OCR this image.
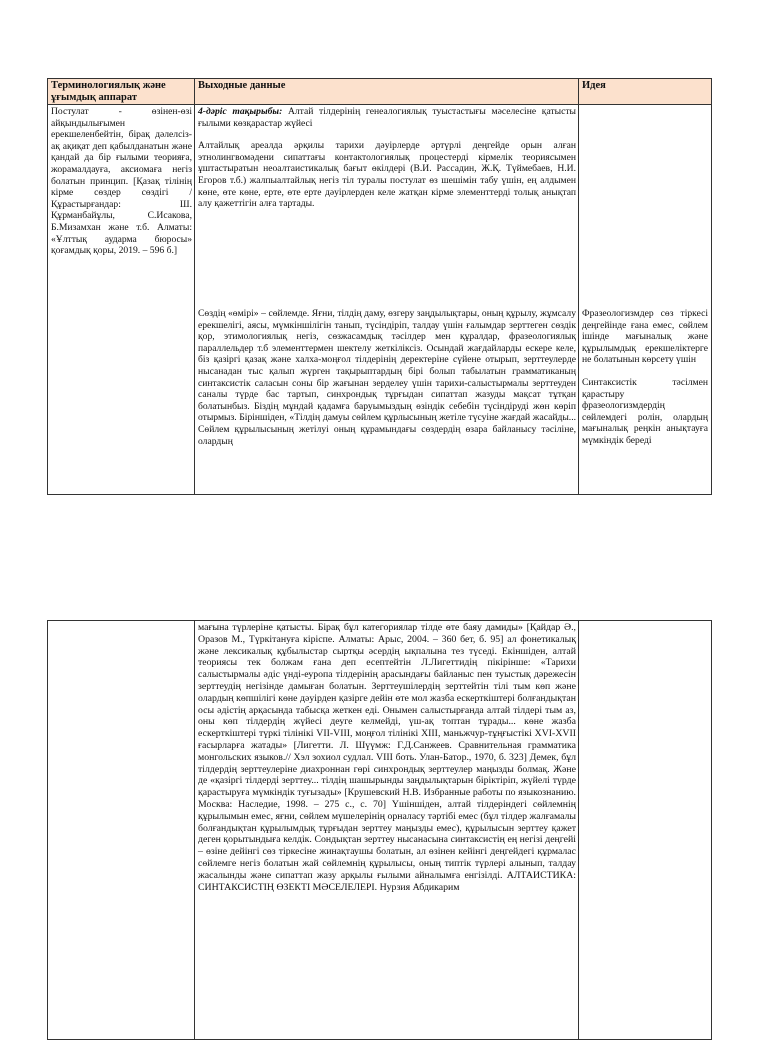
Терминологиялық және ұғымдық аппарат
Выходные данные	Идея
Постулат - өзінен-өзі айқындылығымен ерекшеленбейтін, бірақ дәлелсіз-ақ ақиқат деп қабылданатын және қандай да бір ғылыми теорияға, жорамалдауға, аксиомаға негіз болатын принцип. [Қазақ тілінің кірме сөздер сөздігі / Құрастырғандар: Ш. Құрманбайұлы, С.Исакова, Б.Мизамхан және т.б. Алматы: «Ұлттық аударма бюросы» қоғамдық қоры, 2019. – 596 б.]

4-дәріс тақырыбы: Алтай тілдерінің генеалогиялық туыстастығы мәселесіне қатысты ғылыми көзқарастар жүйесі

Алтайлық ареалда әрқилы тарихи дәуірлерде әртүрлі деңгейде орын алған этнолингвомәдени сипаттағы контактологиялық процестерді кірмелік теориясымен ұштастыратын неоалтаистикалық бағыт өкілдері (В.И. Рассадин, Ж.Қ. Түймебаев, Н.И. Егоров т.б.) жалпыалтайлық негіз тіл туралы постулат өз шешімін табу үшін, ең алдымен көне, өте көне, ерте, өте ерте дәуірлерден келе жатқан кірме элементтерді толық анықтап алу қажеттігін алға тартады.

Сөздің «өмірі» – сөйлемде. Яғни, тілдің даму, өзгеру заңдылықтары, оның құрылу, жұмсалу ерекшелігі, аясы, мүмкіншілігін танып, түсіндіріп, талдау үшін ғалымдар зерттеген сөздік қор, этимологиялық негіз, сөзжасамдық тәсілдер мен құралдар, фразеологиялық параллельдер т.б элементтермен шектелу жеткіліксіз. Осындай жағдайларды ескере келе, біз қазіргі қазақ және халха-моңғол тілдерінің деректеріне сүйене отырып, зерттеулерде нысанадан тыс қалып жүрген тақырыптардың бірі болып табылатын грамматиканың синтаксистік саласын соны бір жағынан зерделеу үшін тарихи-салыстырмалы зерттеуден саналы түрде бас тартып, синхрондық тұрғыдан сипаттап жазуды мақсат тұтқан болатынбыз. Біздің мұндай қадамға баруымыздың өзіндік себебін түсіндіруді жөн көріп отырмыз. Біріншіден, «Тілдің дамуы сөйлем құрлысының жетіле түсуіне жағдай жасайды... Сөйлем құрылысының жетілуі оның құрамындағы сөздердің өзара байланысу тәсіліне, олардың

Фразеологизмдер сөз тіркесі деңгейінде ғана емес, сөйлем ішінде мағыналық және құрылымдық ерекшеліктерге не болатынын көрсету үшін

Синтаксистік тәсілмен қарастыру фразеологизмдердің сөйлемдегі ролін, олардың мағыналық реңкін анықтауға мүмкіндік береді

мағына түрлеріне қатысты. Бірақ бұл категориялар тілде өте баяу дамиды» [Қайдар Ә., Оразов М., Түркітануға кіріспе. Алматы: Арыс, 2004. – 360 бет, б. 95] ал фонетикалық және лексикалық құбылыстар сыртқы әсердің ықпалына тез түседі. Екіншіден, алтай теориясы тек болжам ғана деп есептейтін Л.Лигеттидің пікірінше: «Тарихи салыстырмалы әдіс үнді-еуропа тілдерінің арасындағы байланыс пен туыстық дәрежесін зерттеудің негізінде дамыған болатын. Зерттеушілердің зерттейтін тілі тым көп және олардың көпшілігі көне дәуірден қазірге дейін өте мол жазба ескерткіштері болғандықтан осы әдістің арқасында табысқа жеткен еді. Онымен салыстырғанда алтай тілдері тым аз, оны көп тілдердің жүйесі деуге келмейді, үш-ақ топтан тұрады... көне жазба ескерткіштері түркі тілінікі VII-VIII, моңғол тілінікі XIII, маньжчур-тұңғыстікі XVI-XVII ғасырларға жатады» [Лигетти. Л. Шүүмж: Г.Д.Санжеев. Сравнительная грамматика монгольских языков.// Хэл зохиол судлал. VIII боть. Улан-Батор., 1970, б. 323] Демек, бұл тілдердің зерттеулеріне диахроннан гөрі синхрондық зерттеулер маңызды болмақ. Және де «қазіргі тілдерді зерттеу... тілдің шашырынды заңдылықтарын біріктіріп, жүйелі түрде қарастыруға мүмкіндік туғызады» [Крушевский Н.В. Избранные работы по языкознанию. Москва: Наследие, 1998. – 275 с., с. 70] Үшіншіден, алтай тілдеріндегі сөйлемнің құрылымын емес, яғни, сөйлем мүшелерінің орналасу тәртібі емес (бұл тілдер жалғамалы болғандықтан құрылымдық тұрғыдан зерттеу маңызды емес), құрылысын зерттеу қажет деген қорытындыға келдік. Сондықтан зерттеу нысанасына синтаксистің ең негізі деңгейі – өзіне дейінгі сөз тіркесіне жинақтаушы болатын, ал өзінен кейінгі деңгейдегі құрмалас сөйлемге негіз болатын жай сөйлемнің құрылысы, оның типтік түрлері алынып, талдау жасалынды және сипаттап жазу арқылы ғылыми айналымға енгізілді. АЛТАИСТИКА: СИНТАКСИСТІҢ ӨЗЕКТІ МӘСЕЛЕЛЕРІ. Нурзия Абдикарим
